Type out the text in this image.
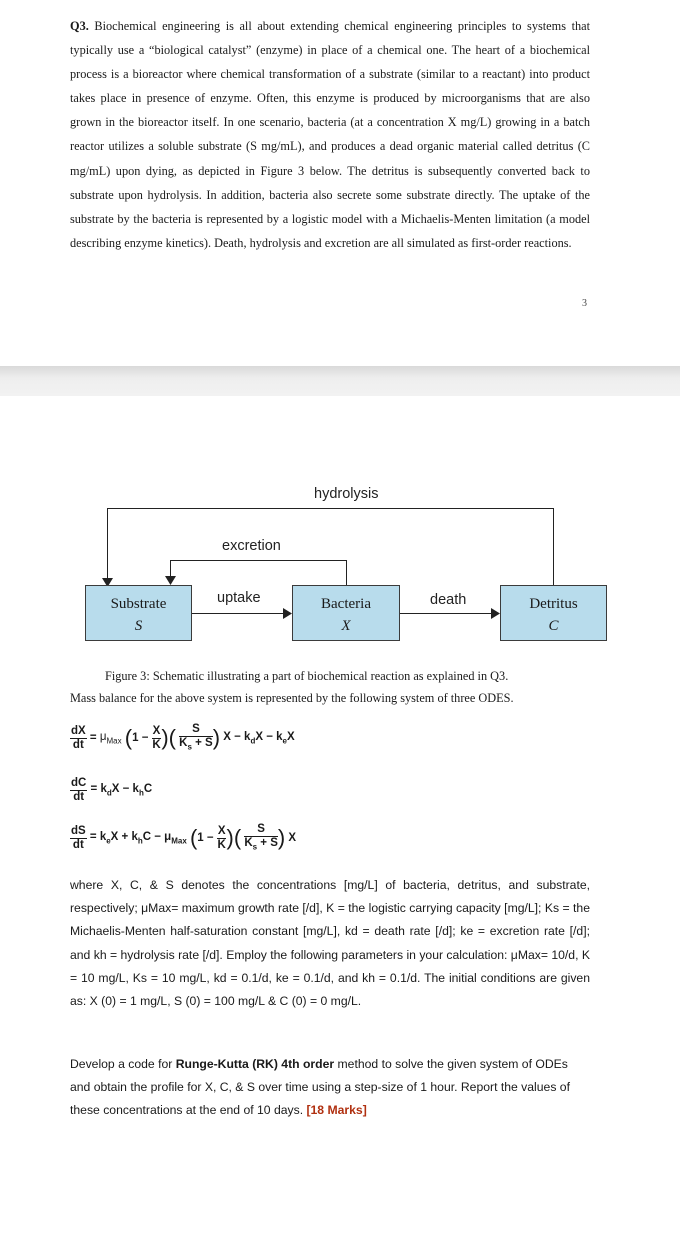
Q3. Biochemical engineering is all about extending chemical engineering principles to systems that typically use a “biological catalyst” (enzyme) in place of a chemical one. The heart of a biochemical process is a bioreactor where chemical transformation of a substrate (similar to a reactant) into product takes place in presence of enzyme. Often, this enzyme is produced by microorganisms that are also grown in the bioreactor itself. In one scenario, bacteria (at a concentration X mg/L) growing in a batch reactor utilizes a soluble substrate (S mg/mL), and produces a dead organic material called detritus (C mg/mL) upon dying, as depicted in Figure 3 below. The detritus is subsequently converted back to substrate upon hydrolysis. In addition, bacteria also secrete some substrate directly. The uptake of the substrate by the bacteria is represented by a logistic model with a Michaelis-Menten limitation (a model describing enzyme kinetics). Death, hydrolysis and excretion are all simulated as first-order reactions.
3
hydrolysis
excretion
Substrate
S
Bacteria
X
Detritus
C
uptake	death
Figure 3: Schematic illustrating a part of biochemical reaction as explained in Q3.
Mass balance for the above system is represented by the following system of three ODES.
$\frac{dX}{dt} = \mu_{Max}$ ($1 - \frac{X}{K}$ )( $\frac{S}{K_s + S}$ ) $X - k_dX - k_eX$
$\frac{dC}{dt} = k_dX - k_hC$
$\frac{dS}{dt} = k_eX + k_hC - \mu_{Max}$ ($1 - \frac{X}{K}$ )( $\frac{S}{K_s + S}$ ) X
where X, C, & S denotes the concentrations [mg/L] of bacteria, detritus, and substrate, respectively; μMax= maximum growth rate [/d], K = the logistic carrying capacity [mg/L]; Ks = the Michaelis-Menten half-saturation constant [mg/L], kd = death rate [/d]; ke = excretion rate [/d]; and kh = hydrolysis rate [/d]. Employ the following parameters in your calculation: μMax= 10/d, K = 10 mg/L, Ks = 10 mg/L, kd = 0.1/d, ke = 0.1/d, and kh = 0.1/d. The initial conditions are given as: X (0) = 1 mg/L, S (0) = 100 mg/L & C (0) = 0 mg/L.
Develop a code for Runge-Kutta (RK) 4th order method to solve the given system of ODEs and obtain the profile for X, C, & S over time using a step-size of 1 hour. Report the values of these concentrations at the end of 10 days. [18 Marks]
